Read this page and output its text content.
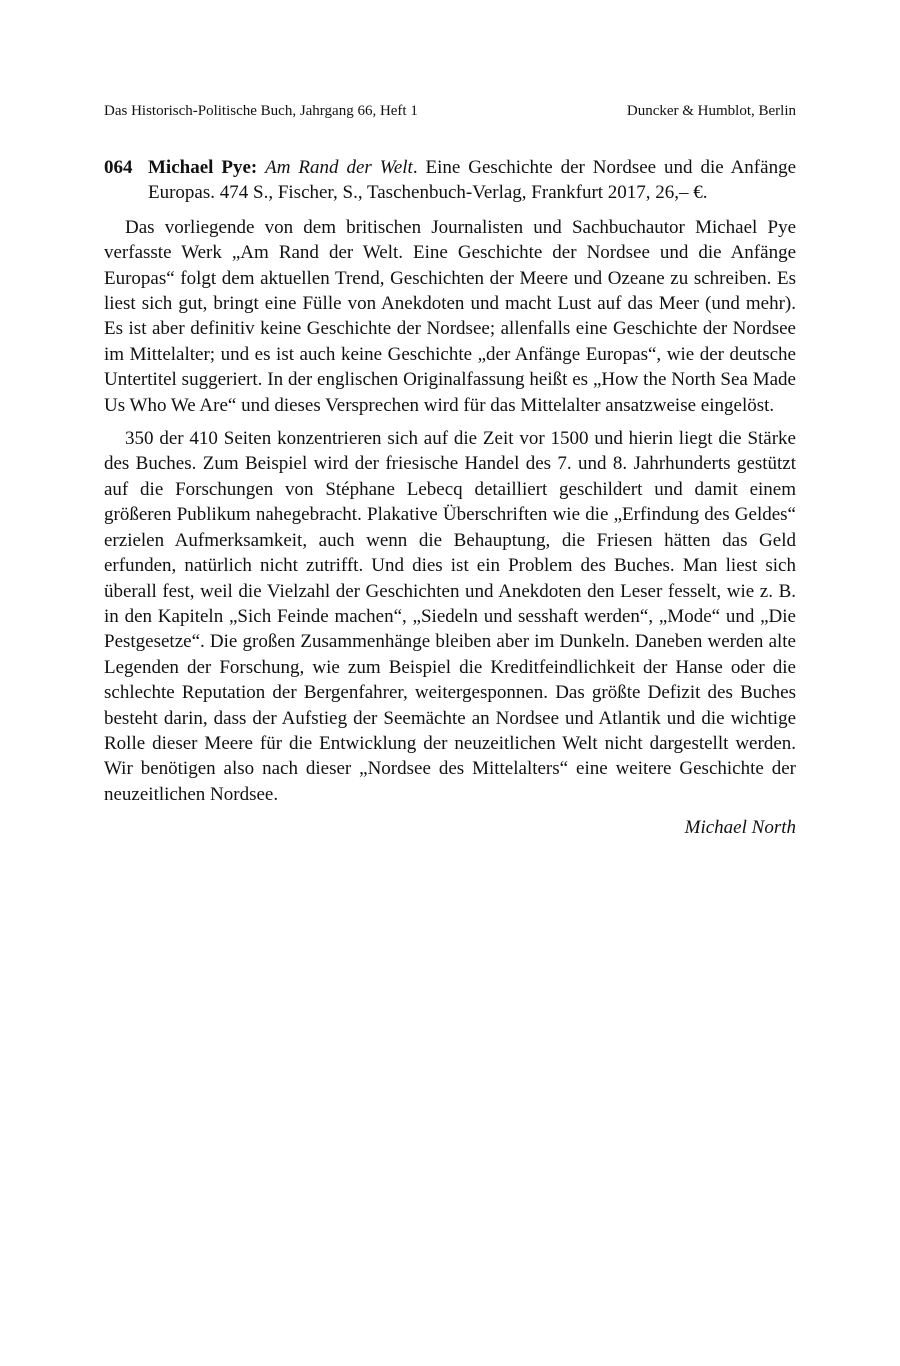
Das Historisch-Politische Buch, Jahrgang 66, Heft 1	Duncker & Humblot, Berlin
064 Michael Pye: Am Rand der Welt. Eine Geschichte der Nordsee und die Anfänge Europas. 474 S., Fischer, S., Taschenbuch-Verlag, Frankfurt 2017, 26,– €.

Das vorliegende von dem britischen Journalisten und Sachbuchautor Michael Pye verfasste Werk „Am Rand der Welt. Eine Geschichte der Nordsee und die Anfänge Europas“ folgt dem aktuellen Trend, Geschichten der Meere und Ozeane zu schreiben. Es liest sich gut, bringt eine Fülle von Anekdoten und macht Lust auf das Meer (und mehr). Es ist aber definitiv keine Geschichte der Nordsee; allenfalls eine Geschichte der Nordsee im Mittelalter; und es ist auch keine Geschichte „der Anfänge Europas“, wie der deutsche Untertitel suggeriert. In der englischen Originalfassung heißt es „How the North Sea Made Us Who We Are“ und dieses Versprechen wird für das Mittelalter ansatzweise eingelöst.

350 der 410 Seiten konzentrieren sich auf die Zeit vor 1500 und hierin liegt die Stärke des Buches. Zum Beispiel wird der friesische Handel des 7. und 8. Jahrhunderts gestützt auf die Forschungen von Stéphane Lebecq detailliert geschildert und damit einem größeren Publikum nahegebracht. Plakative Überschriften wie die „Erfindung des Geldes“ erzielen Aufmerksamkeit, auch wenn die Behauptung, die Friesen hätten das Geld erfunden, natürlich nicht zutrifft. Und dies ist ein Problem des Buches. Man liest sich überall fest, weil die Vielzahl der Geschichten und Anekdoten den Leser fesselt, wie z. B. in den Kapiteln „Sich Feinde machen“, „Siedeln und sesshaft werden“, „Mode“ und „Die Pestgesetze“. Die großen Zusammenhänge bleiben aber im Dunkeln. Daneben werden alte Legenden der Forschung, wie zum Beispiel die Kreditfeindlichkeit der Hanse oder die schlechte Reputation der Bergenfahrer, weitergesponnen. Das größte Defizit des Buches besteht darin, dass der Aufstieg der Seemächte an Nordsee und Atlantik und die wichtige Rolle dieser Meere für die Entwicklung der neuzeitlichen Welt nicht dargestellt werden. Wir benötigen also nach dieser „Nordsee des Mittelalters“ eine weitere Geschichte der neuzeitlichen Nordsee.

Michael North
